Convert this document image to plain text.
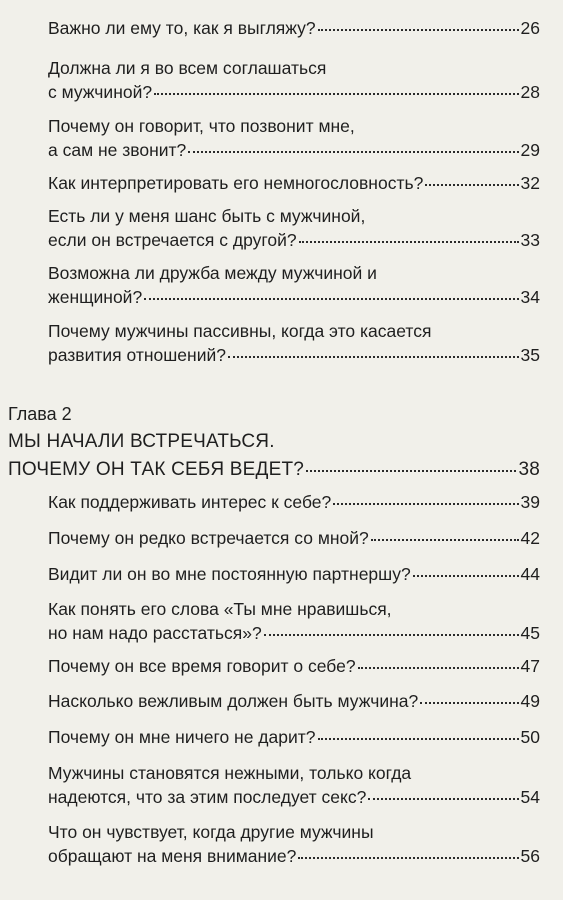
Важно ли ему то, как я выгляжу?	26
Должна ли я во всем соглашаться
с мужчиной?	28
Почему он говорит, что позвонит мне,
а сам не звонит?	29
Как интерпретировать его немногословность?	32
Есть ли у меня шанс быть с мужчиной,
если он встречается с другой?	33
Возможна ли дружба между мужчиной и
женщиной?	34
Почему мужчины пассивны, когда это касается
развития отношений?	35
Глава 2
МЫ НАЧАЛИ ВСТРЕЧАТЬСЯ.
ПОЧЕМУ ОН ТАК СЕБЯ ВЕДЕТ?	38
Как поддерживать интерес к себе?	39
Почему он редко встречается со мной?	42
Видит ли он во мне постоянную партнершу?	44
Как понять его слова «Ты мне нравишься,
но нам надо расстаться»?	45
Почему он все время говорит о себе?	47
Насколько вежливым должен быть мужчина?	49
Почему он мне ничего не дарит?	50
Мужчины становятся нежными, только когда
надеются, что за этим последует секс?	54
Что он чувствует, когда другие мужчины
обращают на меня внимание?	56
